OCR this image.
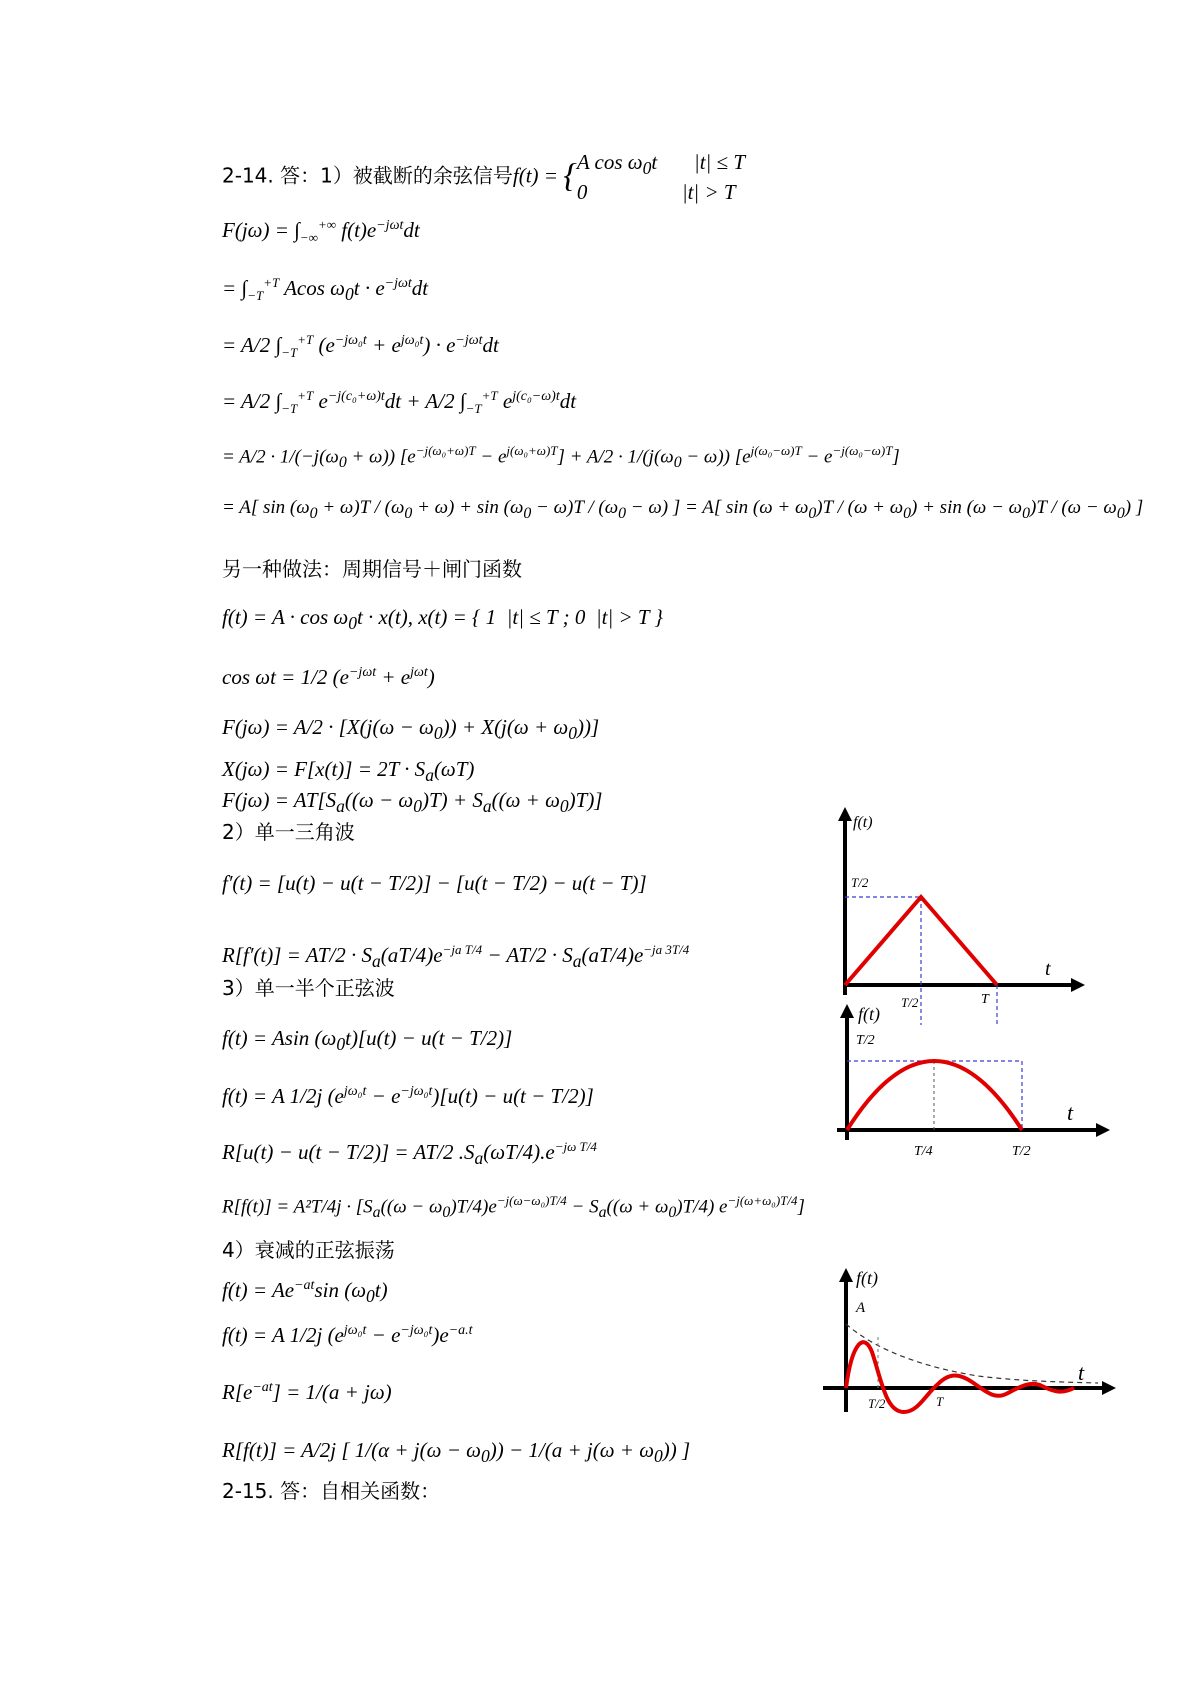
2-14. 答：1）被截断的余弦信号f(t) = {A $\cos \omega_0t$       |t| ≤ T
0                  |t| > T
$F(j\omega) = \int_{-\infty}^{+\infty}$ $f(t)e^{-j\omega t}dt$
= $\int_{-T}^{+T}$ Acos $\omega_0t \cdot e^{-j\omega t}dt$
= A/2 $\int_{-T}^{+T}$ $(e^{-j\omega_0t} + e^{j\omega_0t}) \cdot e^{-j\omega t}dt$
= A/2 $\int_{-T}^{+T}$ $e^{-j(c_0+\omega)t}dt + A/2$ $\int_{-T}^{+T}$ $e^{j(c_0-\omega)t}dt$
= $A/2 \cdot 1/(-j(\omega_0 + \omega)) [e^{-j(\omega_0+\omega)T} - e^{j(\omega_0+\omega)T}] + A/2 \cdot 1/(j(\omega_0 - \omega)) [e^{j(\omega_0-\omega)T} - e^{-j(\omega_0-\omega)T}]$
= A[ $\sin (\omega_0 + \omega)T / (\omega_0 + \omega) + \sin (\omega_0 - \omega)T / (\omega_0 - \omega)$ ] = A[ $\sin (\omega + \omega_0)T / (\omega + \omega_0) + \sin (\omega - \omega_0)T / (\omega - \omega_0)$ ]
另一种做法：周期信号＋闸门函数
$f(t) = A \cdot \cos \omega_0t \cdot x(t)$, x(t) = { 1  |t| ≤ T ; 0  |t| > T }
cos ωt = 1/2 $(e^{-j\omega t} + e^{j\omega t})$
$F(j\omega) = A/2 \cdot [X(j(\omega - \omega_0)) + X(j(\omega + \omega_0))]$
$X(j\omega) = F[x(t)] = 2T \cdot S_a(\omega T)$
$F(j\omega) = AT[S_a((\omega - \omega_0)T) + S_a((\omega + \omega_0)T)]$
2）单一三角波
f′(t) = [u(t) − u(t − T/2)] − [u(t − T/2) − u(t − T)]
$R[f'(t)] = AT/2 \cdot S_a(aT/4)e^{-ja T/4} - AT/2 \cdot S_a(aT/4)e^{-ja 3T/4}$
3）单一半个正弦波
f(t) = Asin $(\omega_0t)[u(t) - u(t - T/2)]$
f(t) = A 1/2j $(e^{j\omega_0t} - e^{-j\omega_0t})[u(t) - u(t - T/2)]$
R[u(t) − u(t − T/2)] = AT/2 $.S_a(\omega T/4).e^{-j\omega T/4}$
$R[f(t)] = A^2T/4j \cdot [S_a((\omega - \omega_0)T/4)e^{-j(\omega-\omega_0)T/4} - S_a((\omega + \omega_0)T/4)$ $e^{-j(\omega+\omega_0)T/4}$]
4）衰减的正弦振荡
$f(t) = Ae^{-at}\sin$ $(\omega_0t)$
f(t) = A 1/2j $(e^{j\omega_0t} - e^{-j\omega_0t})e^{-a.t}$
$R[e^{-at}] = 1/(a + j\omega)$
R[f(t)] = A/2j [ $1/(\alpha + j(\omega - \omega_0)) - 1/(a + j(\omega + \omega_0))$ ]
2-15. 答：自相关函数：
f(t)
t
T/2
T/2	T
f(t)
t
T/2
T/4	T/2
f(t)
t
A
T/2	T
